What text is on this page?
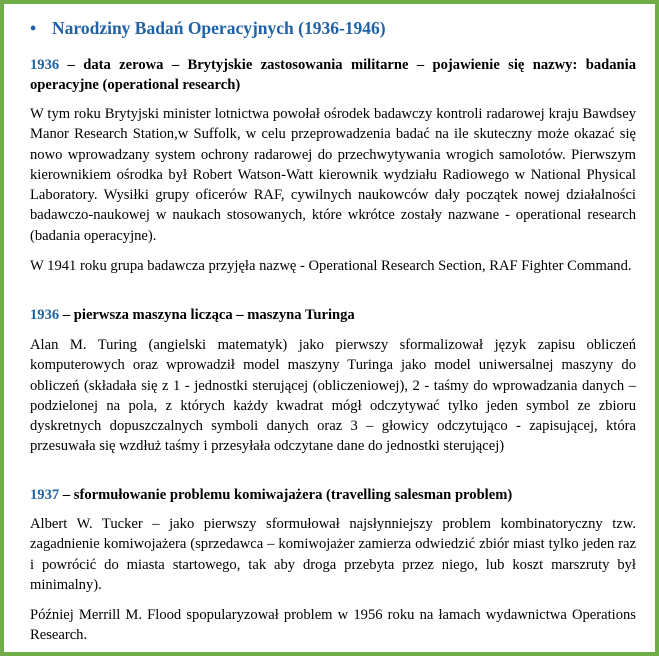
• Narodziny Badań Operacyjnych (1936-1946)

1936 – data zerowa – Brytyjskie zastosowania militarne – pojawienie się nazwy: badania operacyjne (operational research)

W tym roku Brytyjski minister lotnictwa powołał ośrodek badawczy kontroli radarowej kraju Bawdsey Manor Research Station,w Suffolk, w celu przeprowadzenia badać na ile skuteczny może okazać się nowo wprowadzany system ochrony radarowej do przechwytywania wrogich samolotów. Pierwszym kierownikiem ośrodka był Robert Watson-Watt kierownik wydziału Radiowego w National Physical Laboratory. Wysiłki grupy oficerów RAF, cywilnych naukowców dały początek nowej działalności badawczo-naukowej w naukach stosowanych, które wkrótce zostały nazwane - operational research (badania operacyjne).

W 1941 roku grupa badawcza przyjęła nazwę - Operational Research Section, RAF Fighter Command.

1936 – pierwsza maszyna licząca – maszyna Turinga

Alan M. Turing (angielski matematyk) jako pierwszy sformalizował język zapisu obliczeń komputerowych oraz wprowadził model maszyny Turinga jako model uniwersalnej maszyny do obliczeń (składała się z 1 - jednostki sterującej (obliczeniowej), 2 - taśmy do wprowadzania danych – podzielonej na pola, z których każdy kwadrat mógł odczytywać tylko jeden symbol ze zbioru dyskretnych dopuszczalnych symboli danych oraz 3 – głowicy odczytująco - zapisującej, która przesuwała się wzdłuż taśmy i przesyłała odczytane dane do jednostki sterującej)

1937 – sformułowanie problemu komiwajażera (travelling salesman problem)

Albert W. Tucker – jako pierwszy sformułował najsłynniejszy problem kombinatoryczny tzw. zagadnienie komiwojażera (sprzedawca – komiwojażer zamierza odwiedzić zbiór miast tylko jeden raz i powrócić do miasta startowego, tak aby droga przebyta przez niego, lub koszt marszruty był minimalny).

Później Merrill M. Flood spopularyzował problem w 1956 roku na łamach wydawnictwa Operations Research.
